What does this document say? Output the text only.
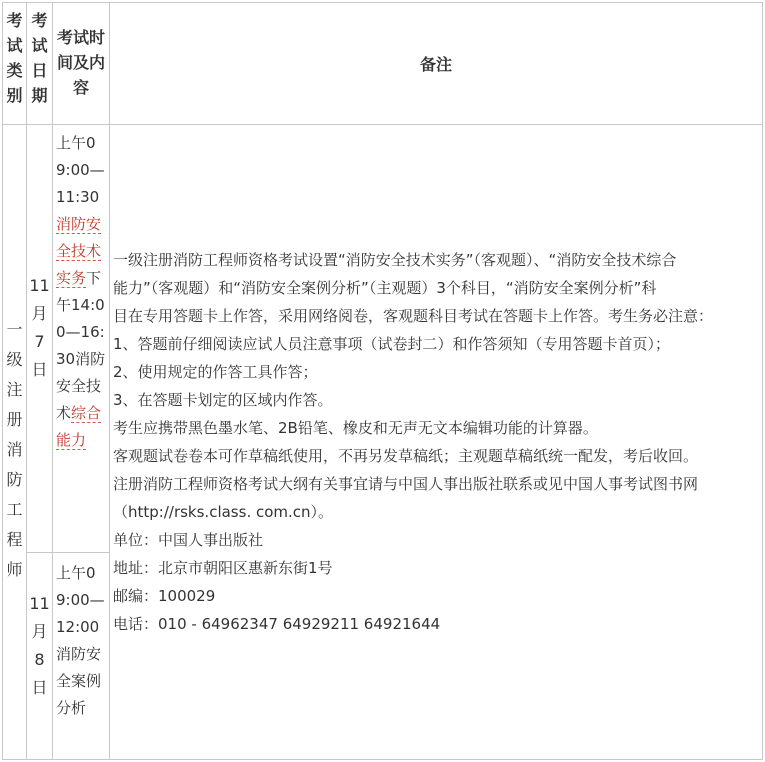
考试类别
考试日期
考试时间及内容
备注
一级注册消防工程师
11月7日
11月8日
上午09:00—11:30消防安全技术实务下午14:00—16:30消防安全技术综合能力
上午09:00—12:00消防安全案例分析
一级注册消防工程师资格考试设置“消防安全技术实务”（客观题）、“消防安全技术综合
能力”（客观题）和“消防安全案例分析”（主观题）3个科目，“消防安全案例分析”科
目在专用答题卡上作答，采用网络阅卷，客观题科目考试在答题卡上作答。考生务必注意：
1、答题前仔细阅读应试人员注意事项（试卷封二）和作答须知（专用答题卡首页）；
2、使用规定的作答工具作答；
3、在答题卡划定的区域内作答。
考生应携带黑色墨水笔、2B铅笔、橡皮和无声无文本编辑功能的计算器。
客观题试卷卷本可作草稿纸使用，不再另发草稿纸；主观题草稿纸统一配发，考后收回。
注册消防工程师资格考试大纲有关事宜请与中国人事出版社联系或见中国人事考试图书网
（http://rsks.class. com.cn）。
单位：中国人事出版社
地址：北京市朝阳区惠新东街1号
邮编：100029
电话：010 - 64962347 64929211 64921644
